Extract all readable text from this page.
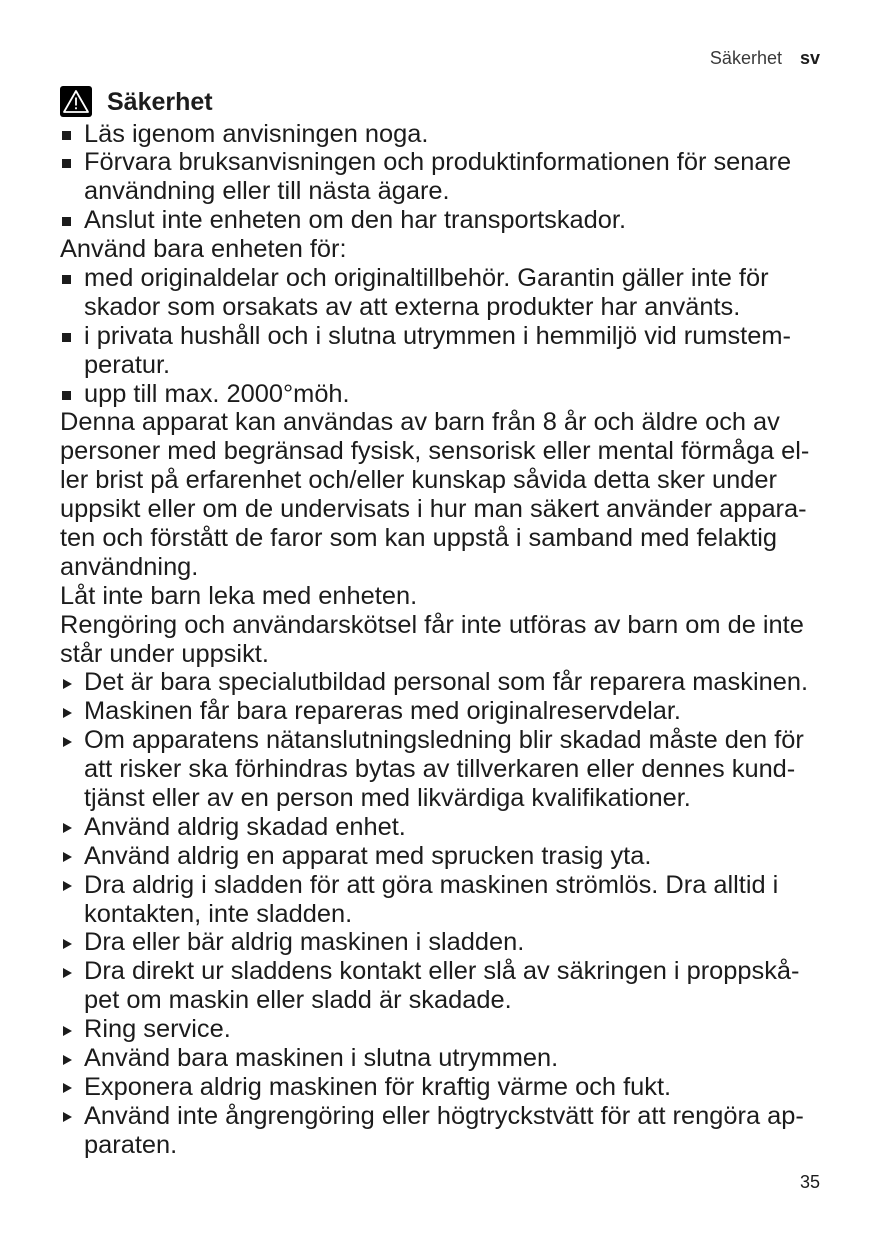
Säkerhet sv
Säkerhet
Läs igenom anvisningen noga.
Förvara bruksanvisningen och produktinformationen för senare
användning eller till nästa ägare.
Anslut inte enheten om den har transportskador.
Använd bara enheten för:
med originaldelar och originaltillbehör. Garantin gäller inte för
skador som orsakats av att externa produkter har använts.
i privata hushåll och i slutna utrymmen i hemmiljö vid rumstem-
peratur.
upp till max. 2000°möh.
Denna apparat kan användas av barn från 8 år och äldre och av
personer med begränsad fysisk, sensorisk eller mental förmåga el-
ler brist på erfarenhet och/eller kunskap såvida detta sker under
uppsikt eller om de undervisats i hur man säkert använder appara-
ten och förstått de faror som kan uppstå i samband med felaktig
användning.
Låt inte barn leka med enheten.
Rengöring och användarskötsel får inte utföras av barn om de inte
står under uppsikt.
Det är bara specialutbildad personal som får reparera maskinen.
Maskinen får bara repareras med originalreservdelar.
Om apparatens nätanslutningsledning blir skadad måste den för
att risker ska förhindras bytas av tillverkaren eller dennes kund-
tjänst eller av en person med likvärdiga kvalifikationer.
Använd aldrig skadad enhet.
Använd aldrig en apparat med sprucken trasig yta.
Dra aldrig i sladden för att göra maskinen strömlös. Dra alltid i
kontakten, inte sladden.
Dra eller bär aldrig maskinen i sladden.
Dra direkt ur sladdens kontakt eller slå av säkringen i proppskå-
pet om maskin eller sladd är skadade.
Ring service.
Använd bara maskinen i slutna utrymmen.
Exponera aldrig maskinen för kraftig värme och fukt.
Använd inte ångrengöring eller högtryckstvätt för att rengöra ap-
paraten.
35
